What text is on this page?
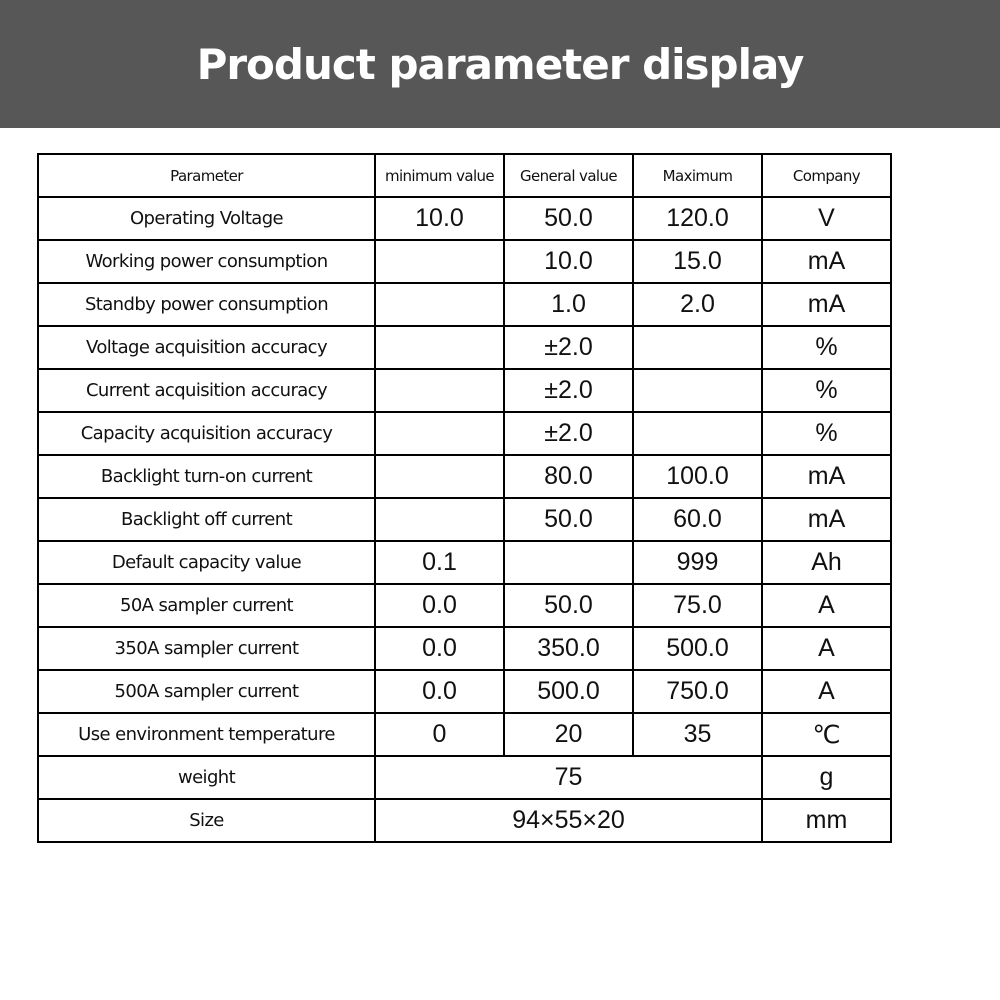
Product parameter display
Parameter	minimum value	General value	Maximum	Company
Operating Voltage	10.0	50.0	120.0	V
Working power consumption		10.0	15.0	mA
Standby power consumption		1.0	2.0	mA
Voltage acquisition accuracy		±2.0		%
Current acquisition accuracy		±2.0		%
Capacity acquisition accuracy		±2.0		%
Backlight turn-on current		80.0	100.0	mA
Backlight off current		50.0	60.0	mA
Default capacity value	0.1		999	Ah
50A sampler current	0.0	50.0	75.0	A
350A sampler current	0.0	350.0	500.0	A
500A sampler current	0.0	500.0	750.0	A
Use environment temperature	0	20	35	℃
weight	75			g
Size	94×55×20			mm
